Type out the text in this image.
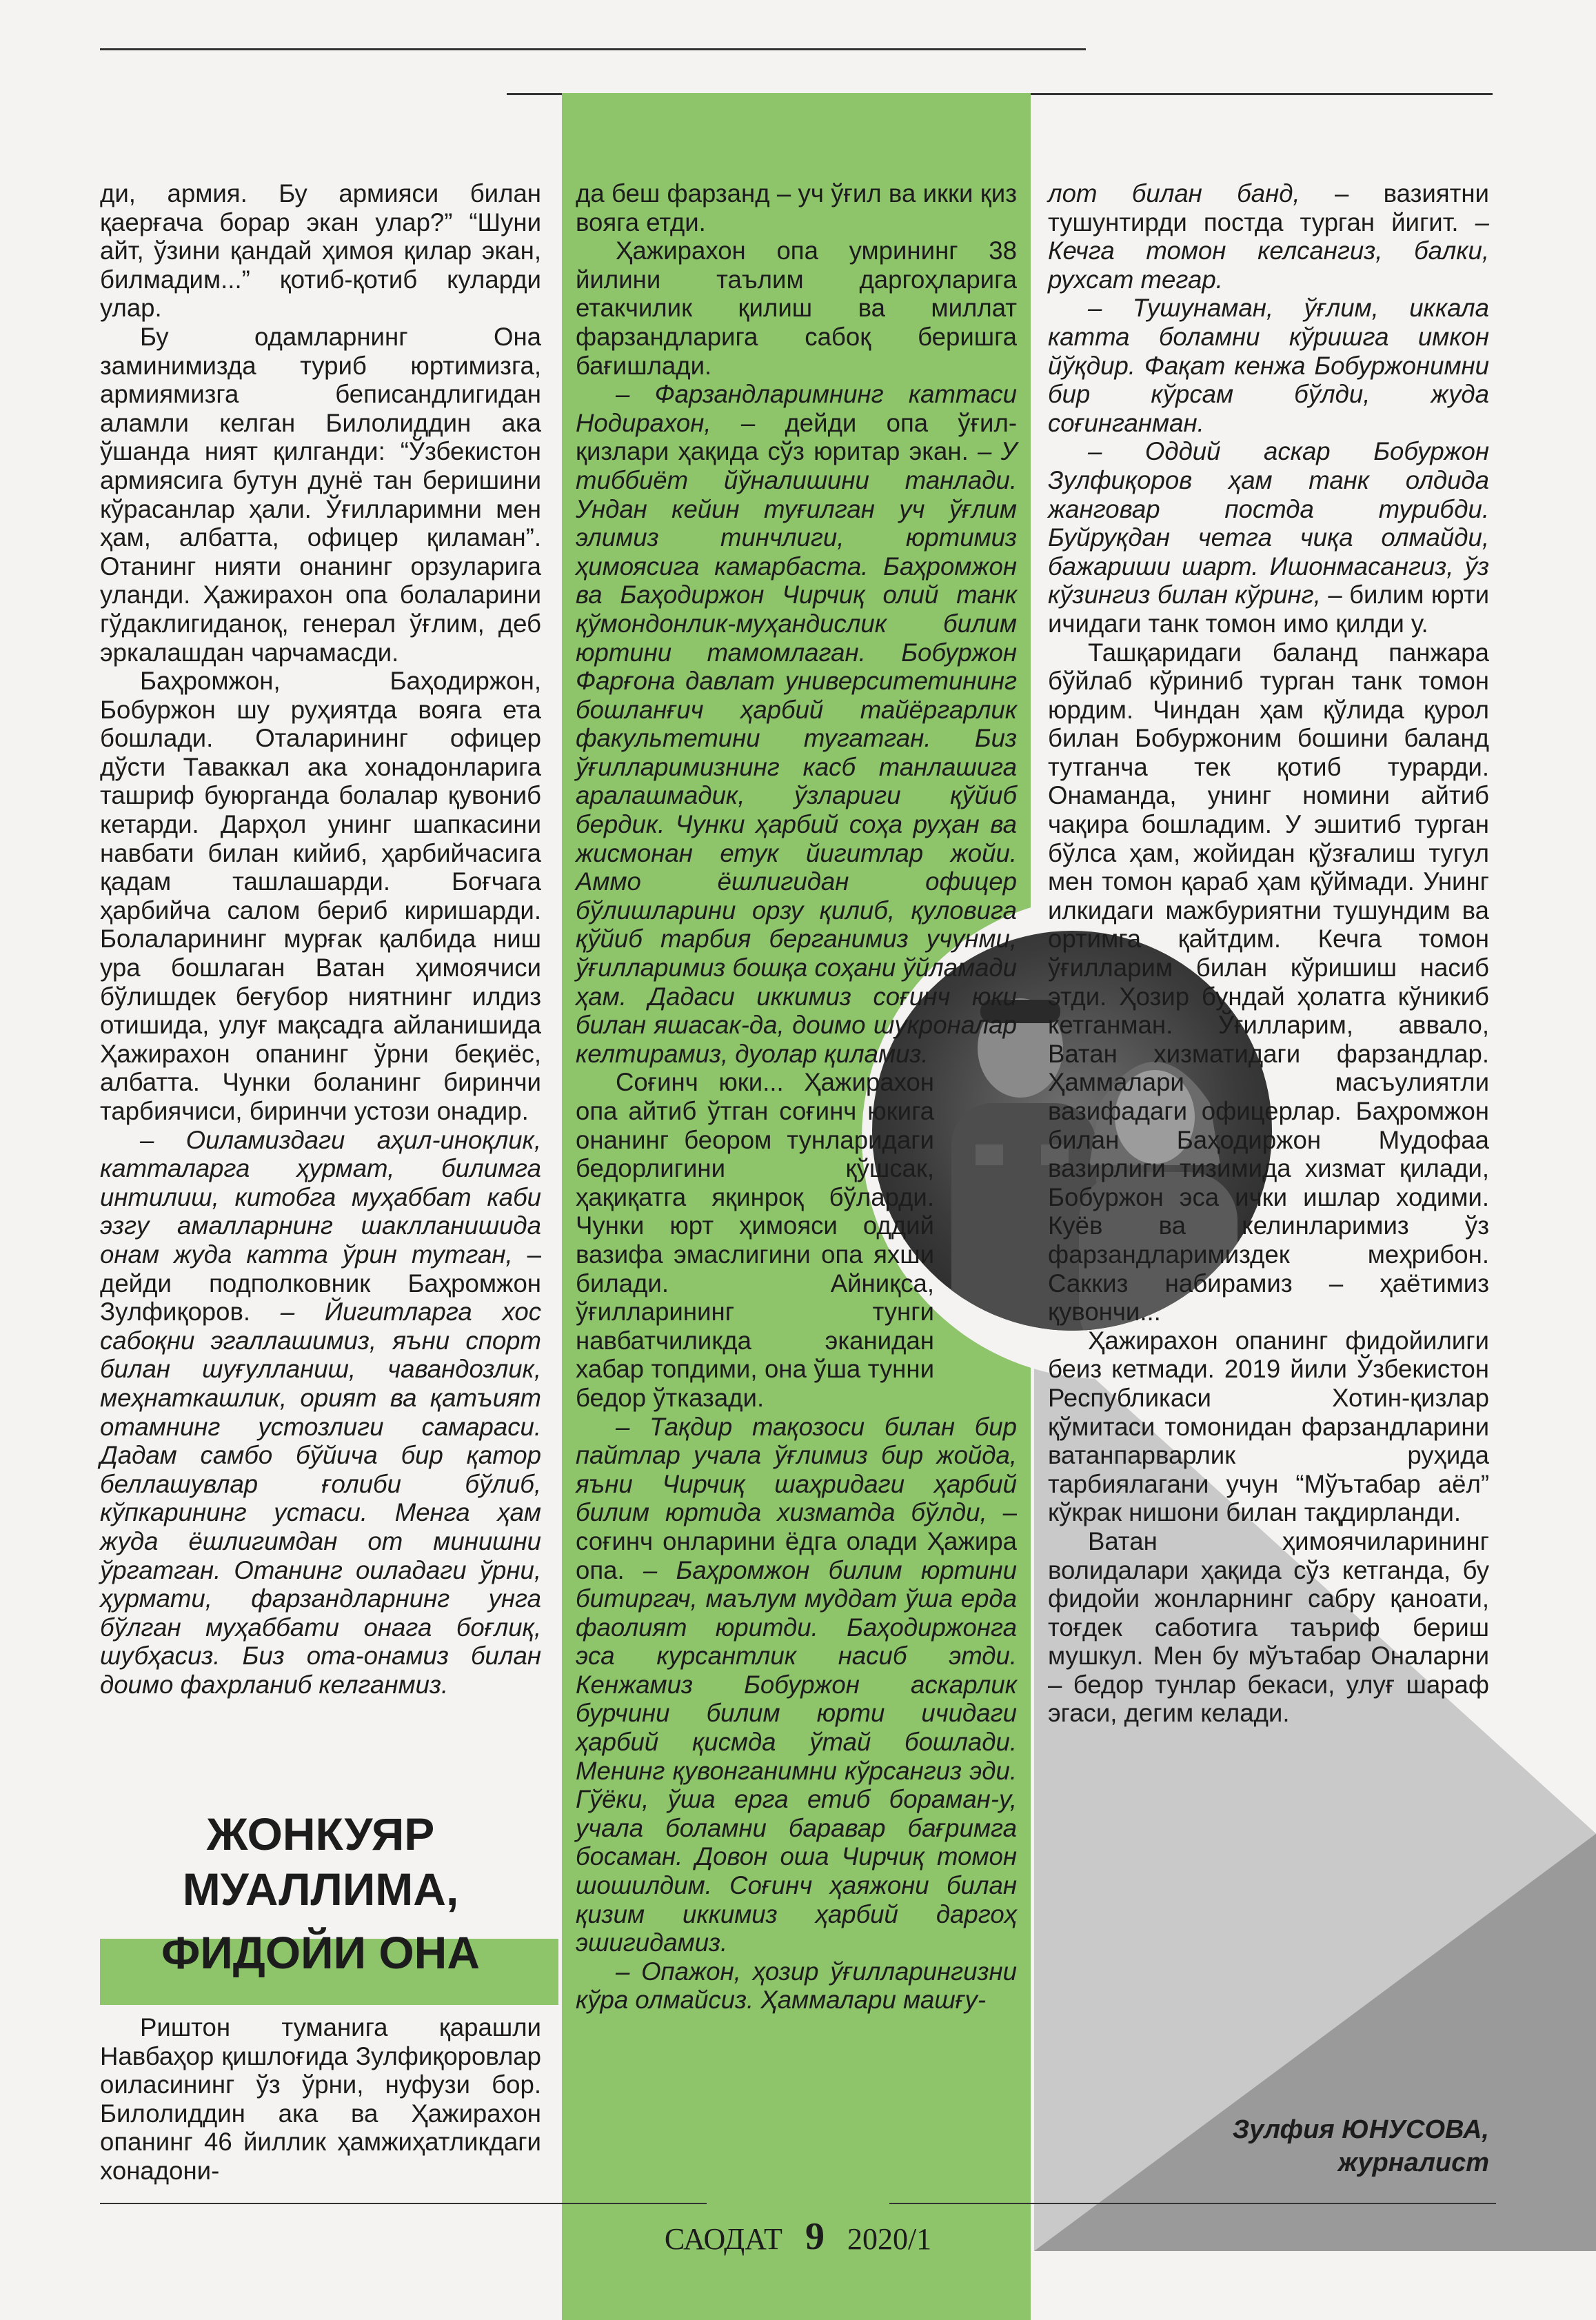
ди, армия. Бу армияси билан қаерғача борар экан улар?” “Шуни айт, ўзини қандай ҳимоя қилар экан, билмадим...” қотиб-қотиб куларди улар.

Бу одамларнинг Она заминимизда туриб юртимизга, армиямизга беписандлигидан аламли келган Билолиддин ака ўшанда ният қилганди: “Ўзбекистон армиясига бутун дунё тан беришини кўрасанлар ҳали. Ўғилларимни мен ҳам, албатта, офицер қиламан”. Отанинг нияти онанинг орзуларига уланди. Ҳажирахон опа болаларини гўдаклигиданоқ, генерал ўғлим, деб эркалашдан чарчамасди.

Баҳромжон, Баҳодиржон, Бобуржон шу руҳиятда вояга ета бошлади. Оталарининг офицер дўсти Таваккал ака хонадонларига ташриф буюрганда болалар қувониб кетарди. Дарҳол унинг шапкасини навбати билан кийиб, ҳарбийчасига қадам ташлашарди. Боғчага ҳарбийча салом бериб киришарди. Болаларининг мурғак қалбида ниш ура бошлаган Ватан ҳимоячиси бўлишдек беғубор ниятнинг илдиз отишида, улуғ мақсадга айланишида Ҳажирахон опанинг ўрни беқиёс, албатта. Чунки боланинг биринчи тарбиячиси, биринчи устози онадир.

– Оиламиздаги аҳил-иноқлик, катталарга ҳурмат, билимга интилиш, китобга муҳаббат каби эзгу амалларнинг шаклланишида онам жуда катта ўрин тутган, – дейди подполковник Баҳромжон Зулфиқоров. – Йигитларга хос сабоқни эгаллашимиз, яъни спорт билан шуғулланиш, чавандозлик, меҳнаткашлик, орият ва қатъият отамнинг устозлиги самараси. Дадам самбо бўйича бир қатор беллашувлар ғолиби бўлиб, кўпкарининг устаси. Менга ҳам жуда ёшлигимдан от минишни ўргатган. Отанинг оиладаги ўрни, ҳурмати, фарзандларнинг унга бўлган муҳаббати онага боғлиқ, шубҳасиз. Биз ота-онамиз билан доимо фахрланиб келганмиз.

ЖОНКУЯР
МУАЛЛИМА,
ФИДОЙИ ОНА

Риштон туманига қарашли Навбаҳор қишлоғида Зулфиқоровлар оиласининг ўз ўрни, нуфузи бор. Билолиддин ака ва Ҳажирахон опанинг 46 йиллик ҳамжиҳатликдаги хонадони-

да беш фарзанд – уч ўғил ва икки қиз вояга етди.

Ҳажирахон опа умрининг 38 йилини таълим даргоҳларига етакчилик қилиш ва миллат фарзандларига сабоқ беришга бағишлади.

– Фарзандларимнинг каттаси Нодирахон, – дейди опа ўғил-қизлари ҳақида сўз юритар экан. – У тиббиёт йўналишини танлади. Ундан кейин туғилган уч ўғлим элимиз тинчлиги, юртимиз ҳимоясига камарбаста. Баҳромжон ва Баҳодиржон Чирчиқ олий танк қўмондонлик-муҳандислик билим юртини тамомлаган. Бобуржон Фарғона давлат университетининг бошланғич ҳарбий тайёргарлик факультетини тугатган. Биз ўғилларимизнинг касб танлашига аралашмадик, ўзлариги қўйиб бердик. Чунки ҳарбий соҳа руҳан ва жисмонан етук йигитлар жойи. Аммо ёшлигидан офицер бўлишларини орзу қилиб, қуловига қўйиб тарбия берганимиз учунми, ўғилларимиз бошқа соҳани ўйламади ҳам. Дадаси иккимиз соғинч юки билан яшасак-да, доимо шукроналар келтирамиз, дуолар қиламиз.

Соғинч юки... Ҳажирахон опа айтиб ўтган соғинч юкига онанинг беором тунларидаги бедорлигини қўшсак, ҳақиқатга яқинроқ бўларди. Чунки юрт ҳимояси оддий вазифа эмаслигини опа яхши билади. Айниқса, ўғилларининг тунги навбатчиликда эканидан хабар топдими, она ўша тунни бедор ўтказади.

– Тақдир тақозоси билан бир пайтлар учала ўғлимиз бир жойда, яъни Чирчиқ шаҳридаги ҳарбий билим юртида хизматда бўлди, – соғинч онларини ёдга олади Ҳажира опа. – Баҳромжон билим юртини битиргач, маълум муддат ўша ерда фаолият юритди. Баҳодиржонга эса курсантлик насиб этди. Кенжамиз Бобуржон аскарлик бурчини билим юрти ичидаги ҳарбий қисмда ўтай бошлади. Менинг қувонганимни кўрсангиз эди. Гўёки, ўша ерга етиб бораман-у, учала боламни баравар бағримга босаман. Довон оша Чирчиқ томон шошилдим. Соғинч ҳаяжони билан қизим иккимиз ҳарбий даргоҳ эшигидамиз.

– Опажон, ҳозир ўғилларингизни кўра олмайсиз. Ҳаммалари машғу-

лот билан банд, – вазиятни тушунтирди постда турган йигит. – Кечга томон келсангиз, балки, рухсат тегар.

– Тушунаман, ўғлим, иккала катта боламни кўришга имкон йўқдир. Фақат кенжа Бобуржонимни бир кўрсам бўлди, жуда соғинганман.

– Оддий аскар Бобуржон Зулфиқоров ҳам танк олдида жанговар постда турибди. Буйруқдан четга чиқа олмайди, бажариши шарт. Ишонмасангиз, ўз кўзингиз билан кўринг, – билим юрти ичидаги танк томон имо қилди у.

Ташқаридаги баланд панжара бўйлаб кўриниб турган танк томон юрдим. Чиндан ҳам қўлида қурол билан Бобуржоним бошини баланд тутганча тек қотиб турарди. Онамандa, унинг номини айтиб чақира бошладим. У эшитиб турган бўлса ҳам, жойидан қўзғалиш тугул мен томон қараб ҳам қўймади. Унинг илкидаги мажбуриятни тушундим ва ортимга қайтдим. Кечга томон ўғилларим билан кўришиш насиб этди. Ҳозир бундай ҳолатга кўникиб кетганман. Ўғилларим, аввало, Ватан хизматидаги фарзандлар. Ҳаммалари масъулиятли вазифадаги офицерлар. Баҳромжон билан Баҳодиржон Мудофаа вазирлиги тизимида хизмат қилади, Бобуржон эса ички ишлар ходими. Куёв ва келинларимиз ўз фарзандларимиздек меҳрибон. Саккиз набирамиз – ҳаётимиз қувончи...

Ҳажирахон опанинг фидойилиги беиз кетмади. 2019 йили Ўзбекистон Республикаси Хотин-қизлар қўмитаси томонидан фарзандларини ватанпарварлик руҳида тарбиялагани учун “Мўътабар аёл” кўкрак нишони билан тақдирланди.

Ватан ҳимоячиларининг волидалари ҳақида сўз кетганда, бу фидойи жонларнинг сабру қаноати, тоғдек саботига таъриф бериш мушкул. Мен бу мўътабар Оналарни – бедор тунлар бекаси, улуғ шараф эгаси, дегим келади.

Зулфия ЮНУСОВА,
журналист
САОДАТ 9 2020/1
